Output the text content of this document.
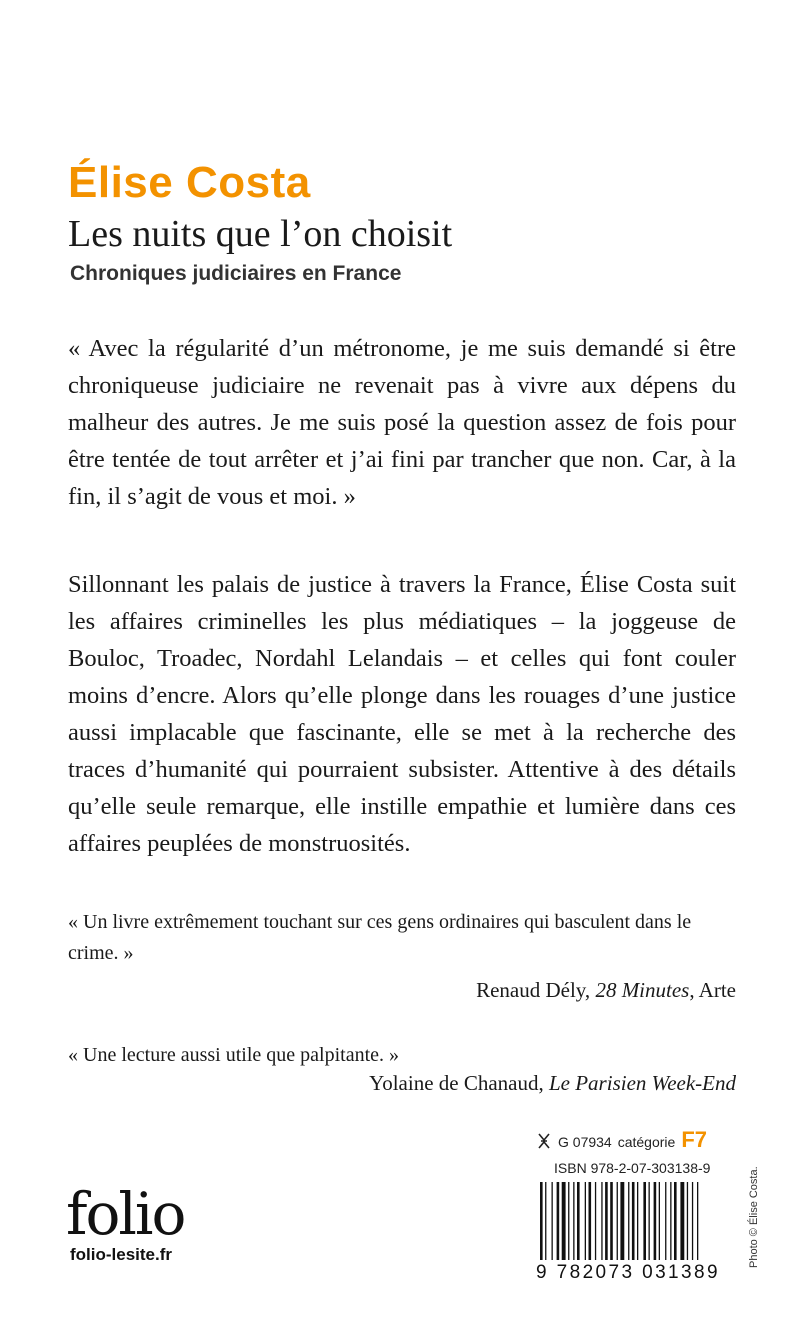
Élise Costa
Les nuits que l’on choisit
Chroniques judiciaires en France
« Avec la régularité d’un métronome, je me suis demandé si être chroniqueuse judiciaire ne revenait pas à vivre aux dépens du malheur des autres. Je me suis posé la question assez de fois pour être tentée de tout arrêter et j’ai fini par trancher que non. Car, à la fin, il s’agit de vous et moi. »
Sillonnant les palais de justice à travers la France, Élise Costa suit les affaires criminelles les plus médiatiques – la joggeuse de Bouloc, Troadec, Nordahl Lelandais – et celles qui font couler moins d’encre. Alors qu’elle plonge dans les rouages d’une justice aussi implacable que fascinante, elle se met à la recherche des traces d’humanité qui pourraient subsister. Attentive à des détails qu’elle seule remarque, elle instille empathie et lumière dans ces affaires peuplées de monstruosités.
« Un livre extrêmement touchant sur ces gens ordinaires qui basculent dans le crime. »
Renaud Dély, 28 Minutes, Arte
« Une lecture aussi utile que palpitante. »
Yolaine de Chanaud, Le Parisien Week-End
folio
folio-lesite.fr
G 07934 catégorie F7
ISBN 978-2-07-303138-9
9 782073 031389
Photo © Élise Costa.
